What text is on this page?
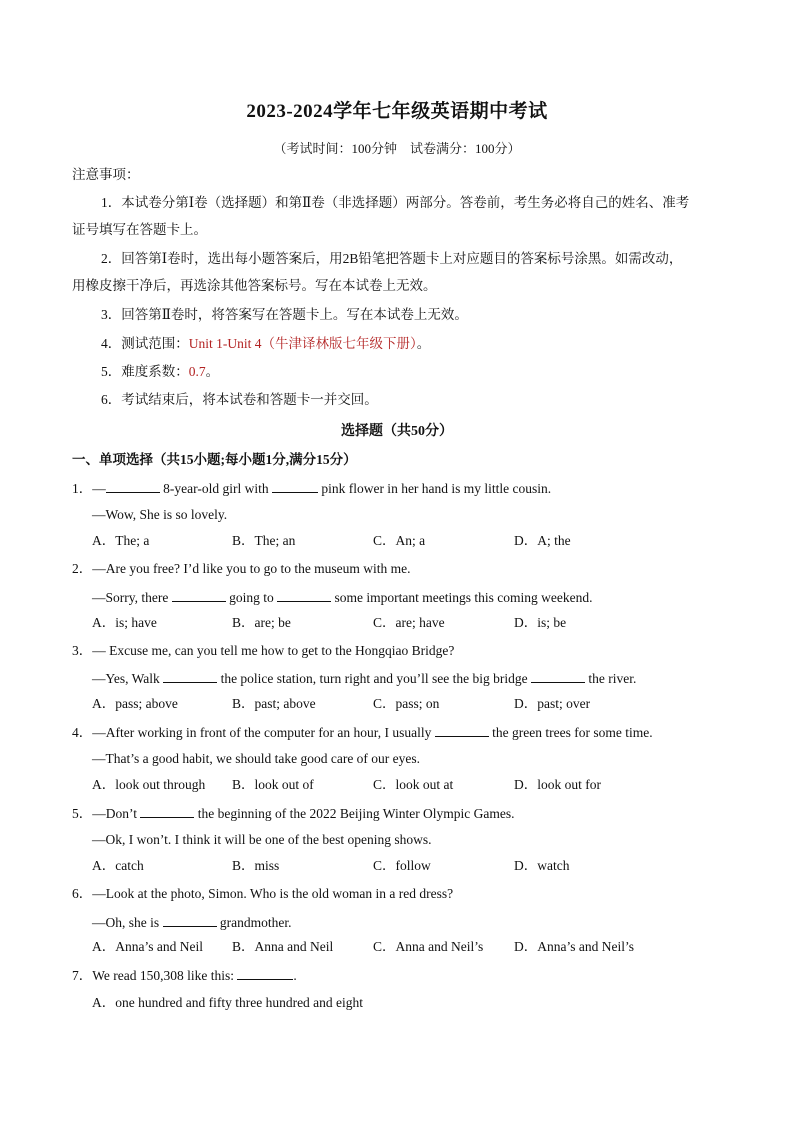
2023-2024学年七年级英语期中考试
（考试时间：100分钟　试卷满分：100分）
注意事项：
1．本试卷分第Ⅰ卷（选择题）和第Ⅱ卷（非选择题）两部分。答卷前，考生务必将自己的姓名、准考
证号填写在答题卡上。
2．回答第Ⅰ卷时，选出每小题答案后，用2B铅笔把答题卡上对应题目的答案标号涂黑。如需改动，
用橡皮擦干净后，再选涂其他答案标号。写在本试卷上无效。
3．回答第Ⅱ卷时，将答案写在答题卡上。写在本试卷上无效。
4．测试范围：Unit 1-Unit 4（牛津译林版七年级下册）。
5．难度系数：0.7。
6．考试结束后，将本试卷和答题卡一并交回。
选择题（共50分）
一、单项选择（共15小题;每小题1分,满分15分）
1．—	8-year-old girl with	pink flower in her hand is my little cousin.
—Wow, She is so lovely.
A．The; a	B．The; an	C．An; a	D．A; the
2．—Are you free? I’d like you to go to the museum with me.
—Sorry, there	going to	some important meetings this coming weekend.
A．is; have	B．are; be	C．are; have	D．is; be
3．— Excuse me, can you tell me how to get to the Hongqiao Bridge?
—Yes, Walk	the police station, turn right and you’ll see the big bridge	the river.
A．pass; above	B．past; above	C．pass; on	D．past; over
4．—After working in front of the computer for an hour, I usually	the green trees for some time.
—That’s a good habit, we should take good care of our eyes.
A．look out through B．look out of	C．look out at	D．look out for
5．—Don’t	the beginning of the 2022 Beijing Winter Olympic Games.
—Ok, I won’t. I think it will be one of the best opening shows.
A．catch	B．miss	C．follow	D．watch
6．—Look at the photo, Simon. Who is the old woman in a red dress?
—Oh, she is	grandmother.
A．Anna’s and Neil B．Anna and Neil	C．Anna and Neil’s D．Anna’s and Neil’s
7．We read 150,308 like this:	.
A．one hundred and fifty three hundred and eight
